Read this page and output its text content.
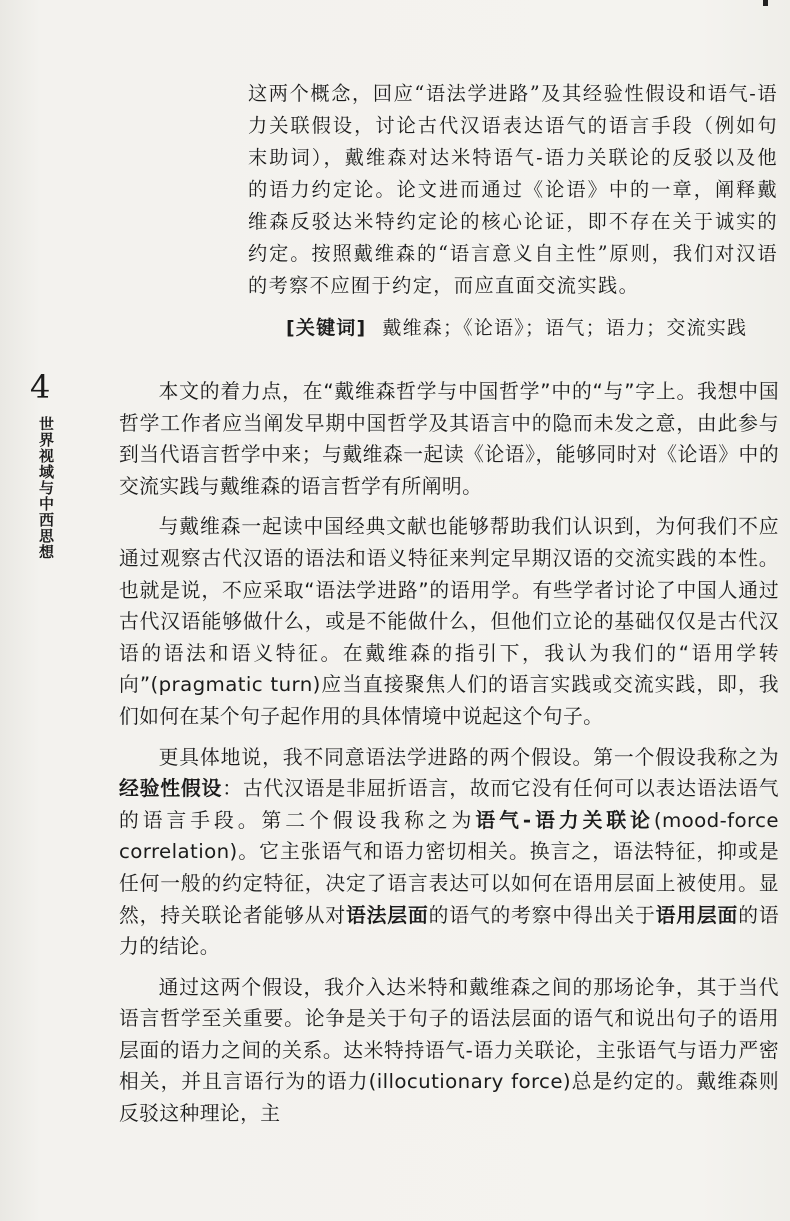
这两个概念，回应“语法学进路”及其经验性假设和语气-语力关联假设，讨论古代汉语表达语气的语言手段（例如句末助词），戴维森对达米特语气-语力关联论的反驳以及他的语力约定论。论文进而通过《论语》中的一章，阐释戴维森反驳达米特约定论的核心论证，即不存在关于诚实的约定。按照戴维森的“语言意义自主性”原则，我们对汉语的考察不应囿于约定，而应直面交流实践。

[关键词] 戴维森；《论语》；语气；语力；交流实践
4
世界视域与中西思想

本文的着力点，在“戴维森哲学与中国哲学”中的“与”字上。我想中国哲学工作者应当阐发早期中国哲学及其语言中的隐而未发之意，由此参与到当代语言哲学中来；与戴维森一起读《论语》，能够同时对《论语》中的交流实践与戴维森的语言哲学有所阐明。

与戴维森一起读中国经典文献也能够帮助我们认识到，为何我们不应通过观察古代汉语的语法和语义特征来判定早期汉语的交流实践的本性。也就是说，不应采取“语法学进路”的语用学。有些学者讨论了中国人通过古代汉语能够做什么，或是不能做什么，但他们立论的基础仅仅是古代汉语的语法和语义特征。在戴维森的指引下，我认为我们的“语用学转向”(pragmatic turn)应当直接聚焦人们的语言实践或交流实践，即，我们如何在某个句子起作用的具体情境中说起这个句子。

更具体地说，我不同意语法学进路的两个假设。第一个假设我称之为经验性假设：古代汉语是非屈折语言，故而它没有任何可以表达语法语气的语言手段。第二个假设我称之为语气-语力关联论(mood-force correlation)。它主张语气和语力密切相关。换言之，语法特征，抑或是任何一般的约定特征，决定了语言表达可以如何在语用层面上被使用。显然，持关联论者能够从对语法层面的语气的考察中得出关于语用层面的语力的结论。

通过这两个假设，我介入达米特和戴维森之间的那场论争，其于当代语言哲学至关重要。论争是关于句子的语法层面的语气和说出句子的语用层面的语力之间的关系。达米特持语气-语力关联论，主张语气与语力严密相关，并且言语行为的语力(illocutionary force)总是约定的。戴维森则反驳这种理论，主
